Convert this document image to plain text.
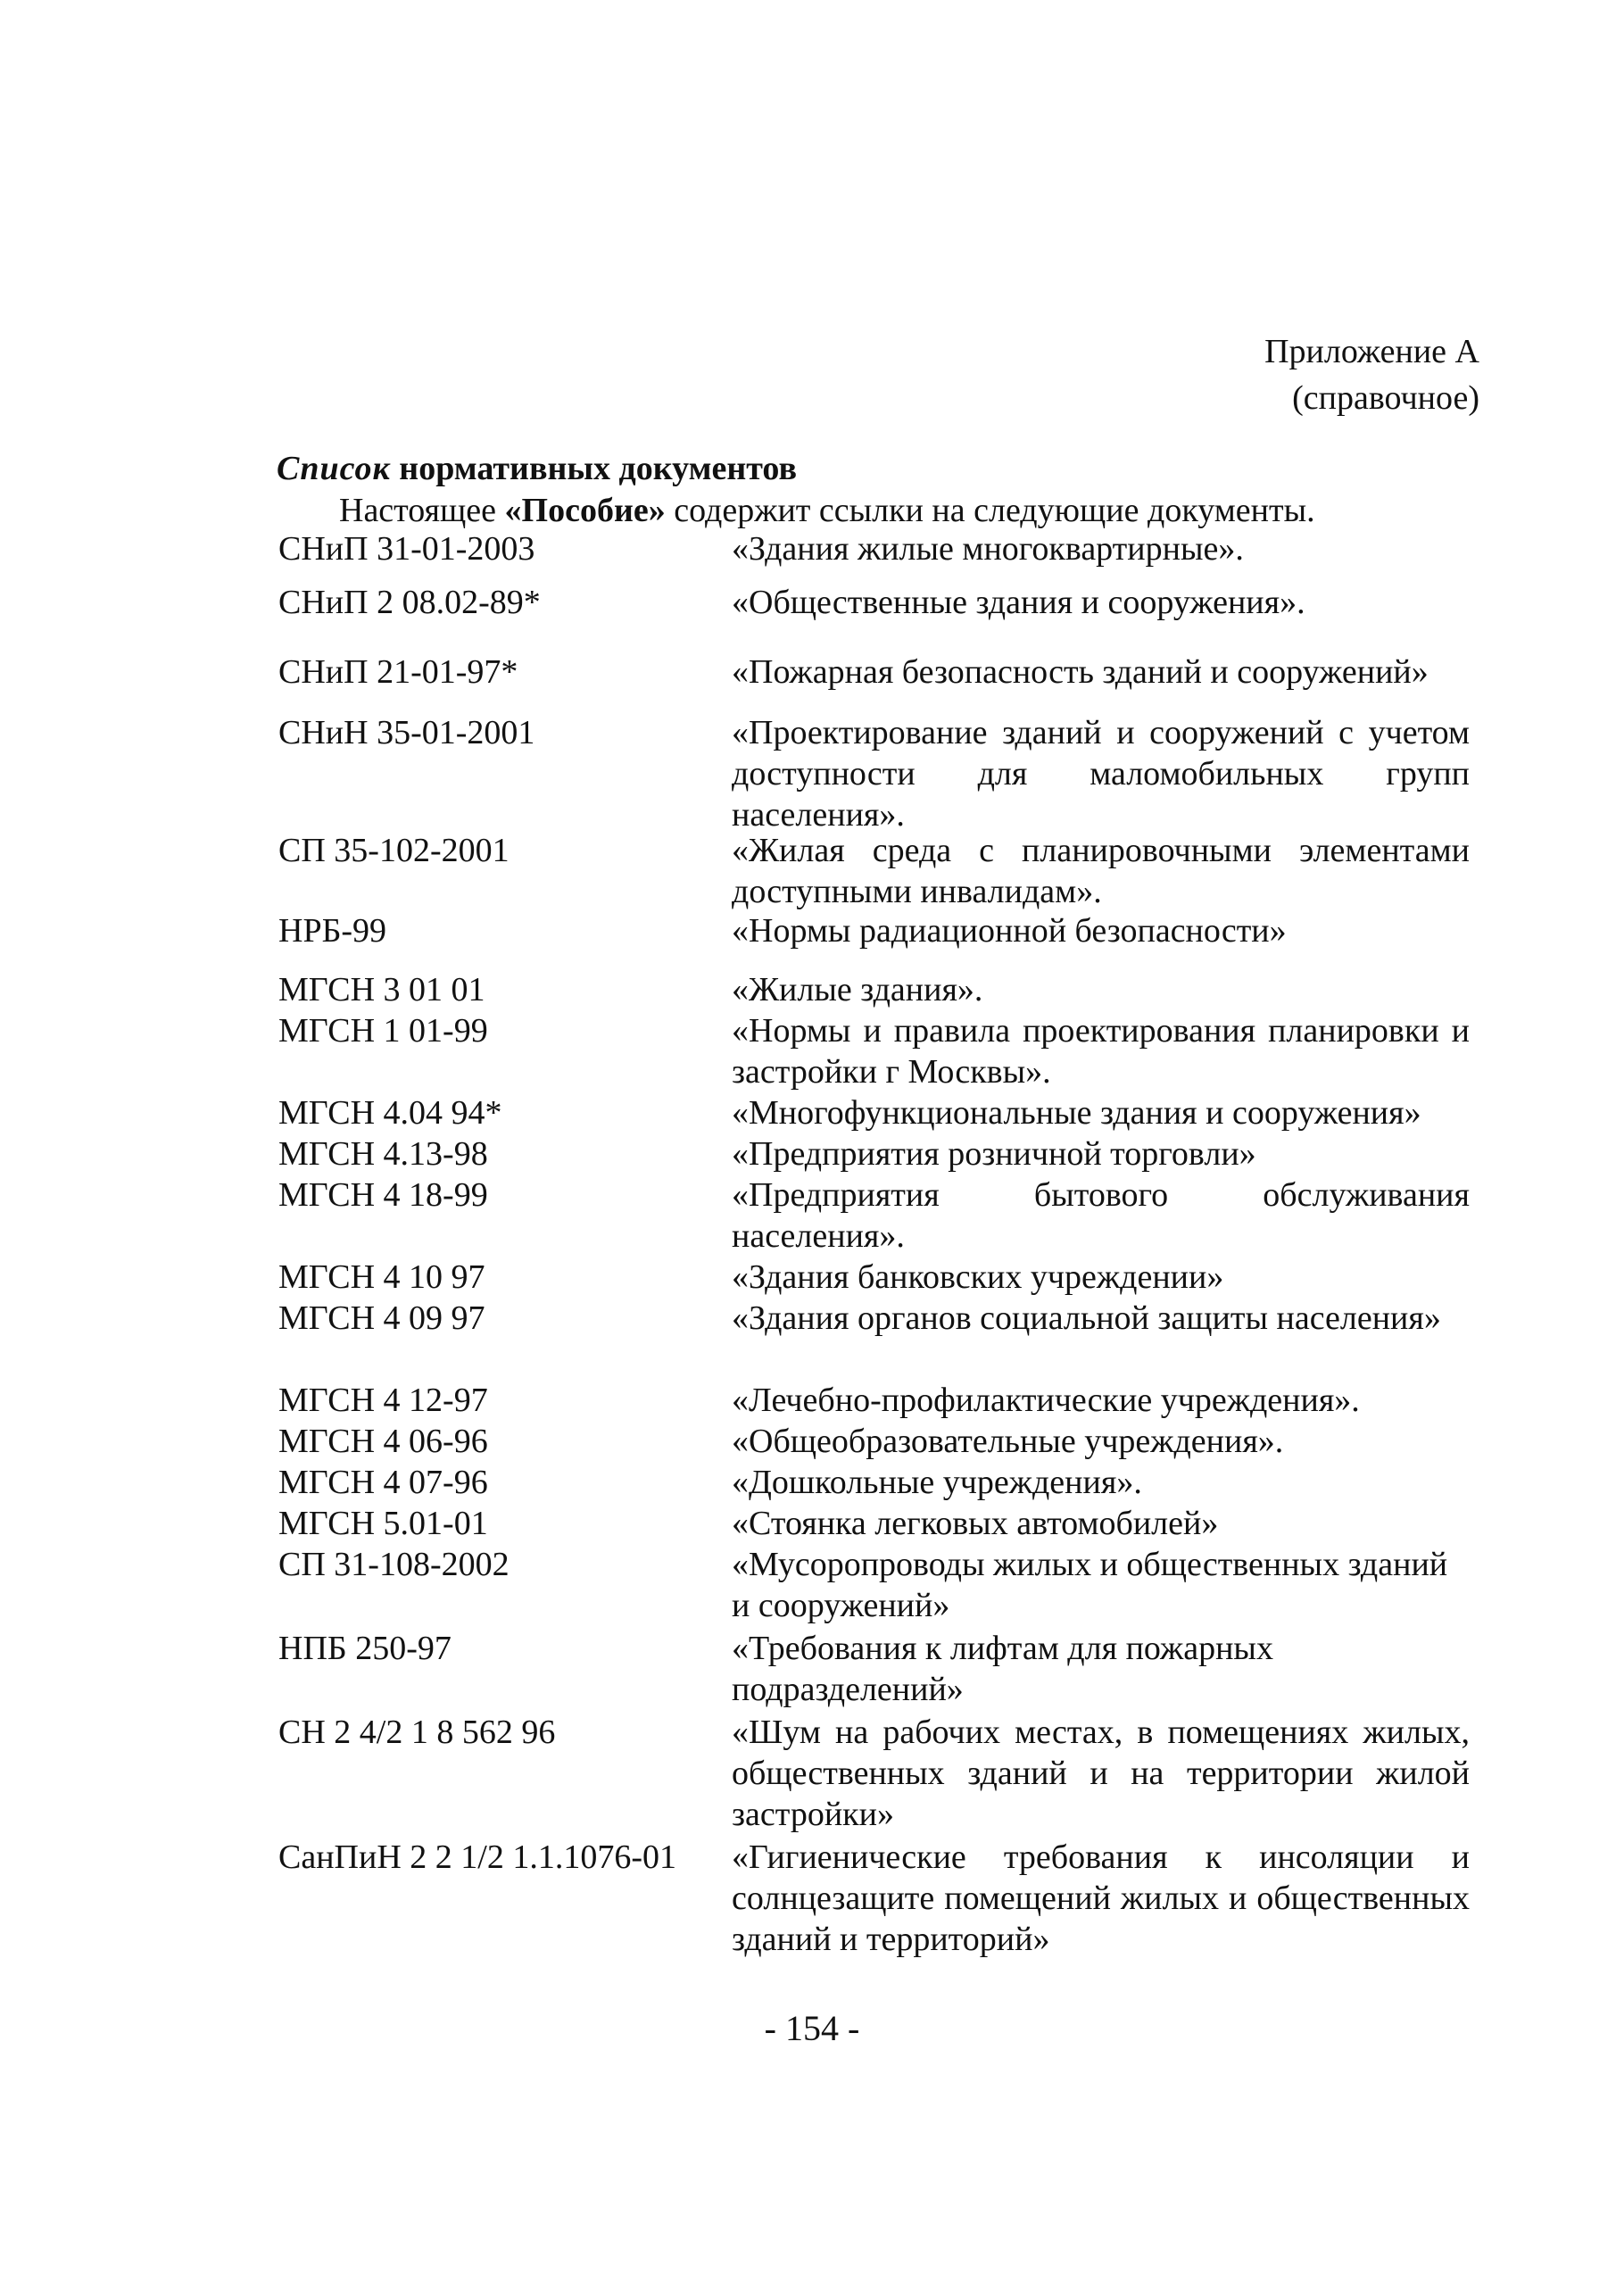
Приложение А
(справочное)
Список нормативных документов
Настоящее «Пособие» содержит ссылки на следующие документы.
СНиП 31-01-2003	«Здания жилые многоквартирные».
СНиП 2 08.02-89*	«Общественные здания и сооружения».
СНиП 21-01-97*	«Пожарная безопасность зданий и сооружений»
СНиН 35-01-2001	«Проектирование зданий и сооружений с учетом доступности для маломобильных групп населения».
СП 35-102-2001	«Жилая среда с планировочными элементами доступными инвалидам».
НРБ-99	«Нормы радиационной безопасности»
МГСН 3 01 01	«Жилые здания».
МГСН 1 01-99	«Нормы и правила проектирования планировки и застройки г Москвы».
МГСН 4.04 94*	«Многофункциональные здания и сооружения»
МГСН 4.13-98	«Предприятия розничной торговли»
МГСН 4 18-99	«Предприятия бытового обслуживания населения».
МГСН 4 10 97	«Здания банковских учреждении»
МГСН 4 09 97	«Здания органов социальной защиты населения»
МГСН 4 12-97	«Лечебно-профилактические учреждения».
МГСН 4 06-96	«Общеобразовательные учреждения».
МГСН 4 07-96	«Дошкольные учреждения».
МГСН 5.01-01	«Стоянка легковых автомобилей»
СП 31-108-2002	«Мусоропроводы жилых и общественных зданий и сооружений»
НПБ 250-97	«Требования к лифтам для пожарных подразделений»
СН 2 4/2 1 8 562 96	«Шум на рабочих местах, в помещениях жилых, общественных зданий и на территории жилой застройки»
СанПиН 2 2 1/2 1.1.1076-01	«Гигиенические требования к инсоляции и солнцезащите помещений жилых и общественных зданий и территорий»
- 154 -
